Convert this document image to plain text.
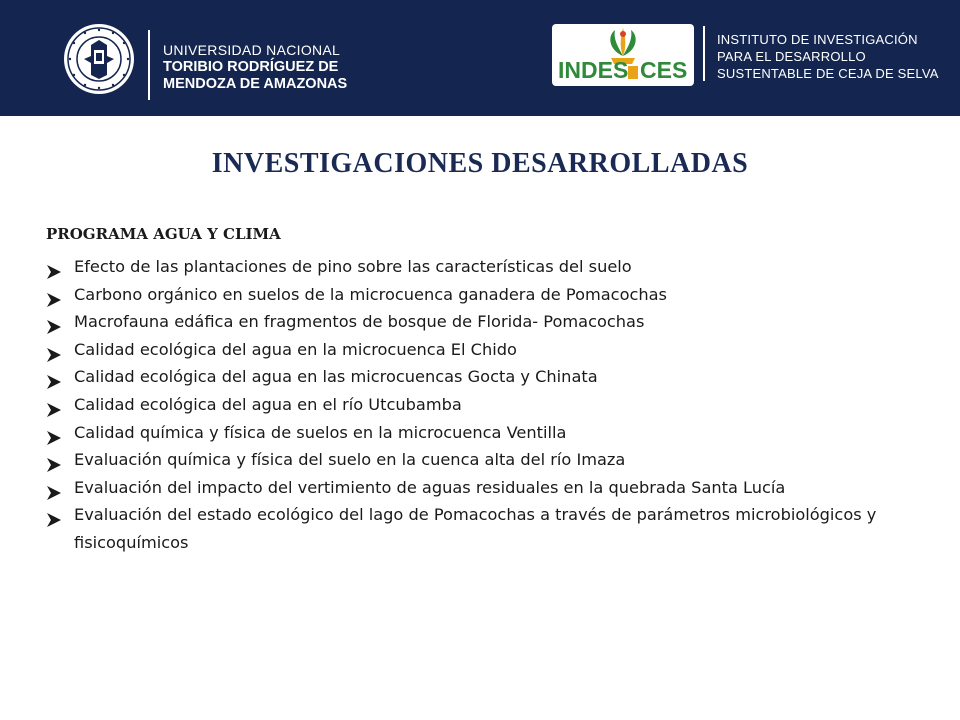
UNIVERSIDAD NACIONAL
TORIBIO RODRÍGUEZ DE
MENDOZA DE AMAZONAS
INDES CES
INSTITUTO DE INVESTIGACIÓN
PARA EL DESARROLLO
SUSTENTABLE DE CEJA DE SELVA
INVESTIGACIONES DESARROLLADAS
PROGRAMA AGUA Y CLIMA
Efecto de las plantaciones de pino sobre las características del suelo
Carbono orgánico en suelos de la microcuenca ganadera de Pomacochas
Macrofauna edáfica en fragmentos de bosque de Florida- Pomacochas
Calidad ecológica del agua en la microcuenca El Chido
Calidad ecológica del agua en las microcuencas Gocta y Chinata
Calidad ecológica del agua en el río Utcubamba
Calidad química y física de suelos en la microcuenca Ventilla
Evaluación química y física del suelo en la cuenca alta del río Imaza
Evaluación del impacto del vertimiento de aguas residuales en la quebrada Santa Lucía
Evaluación del estado ecológico del lago de Pomacochas a través de parámetros microbiológicos y fisicoquímicos
